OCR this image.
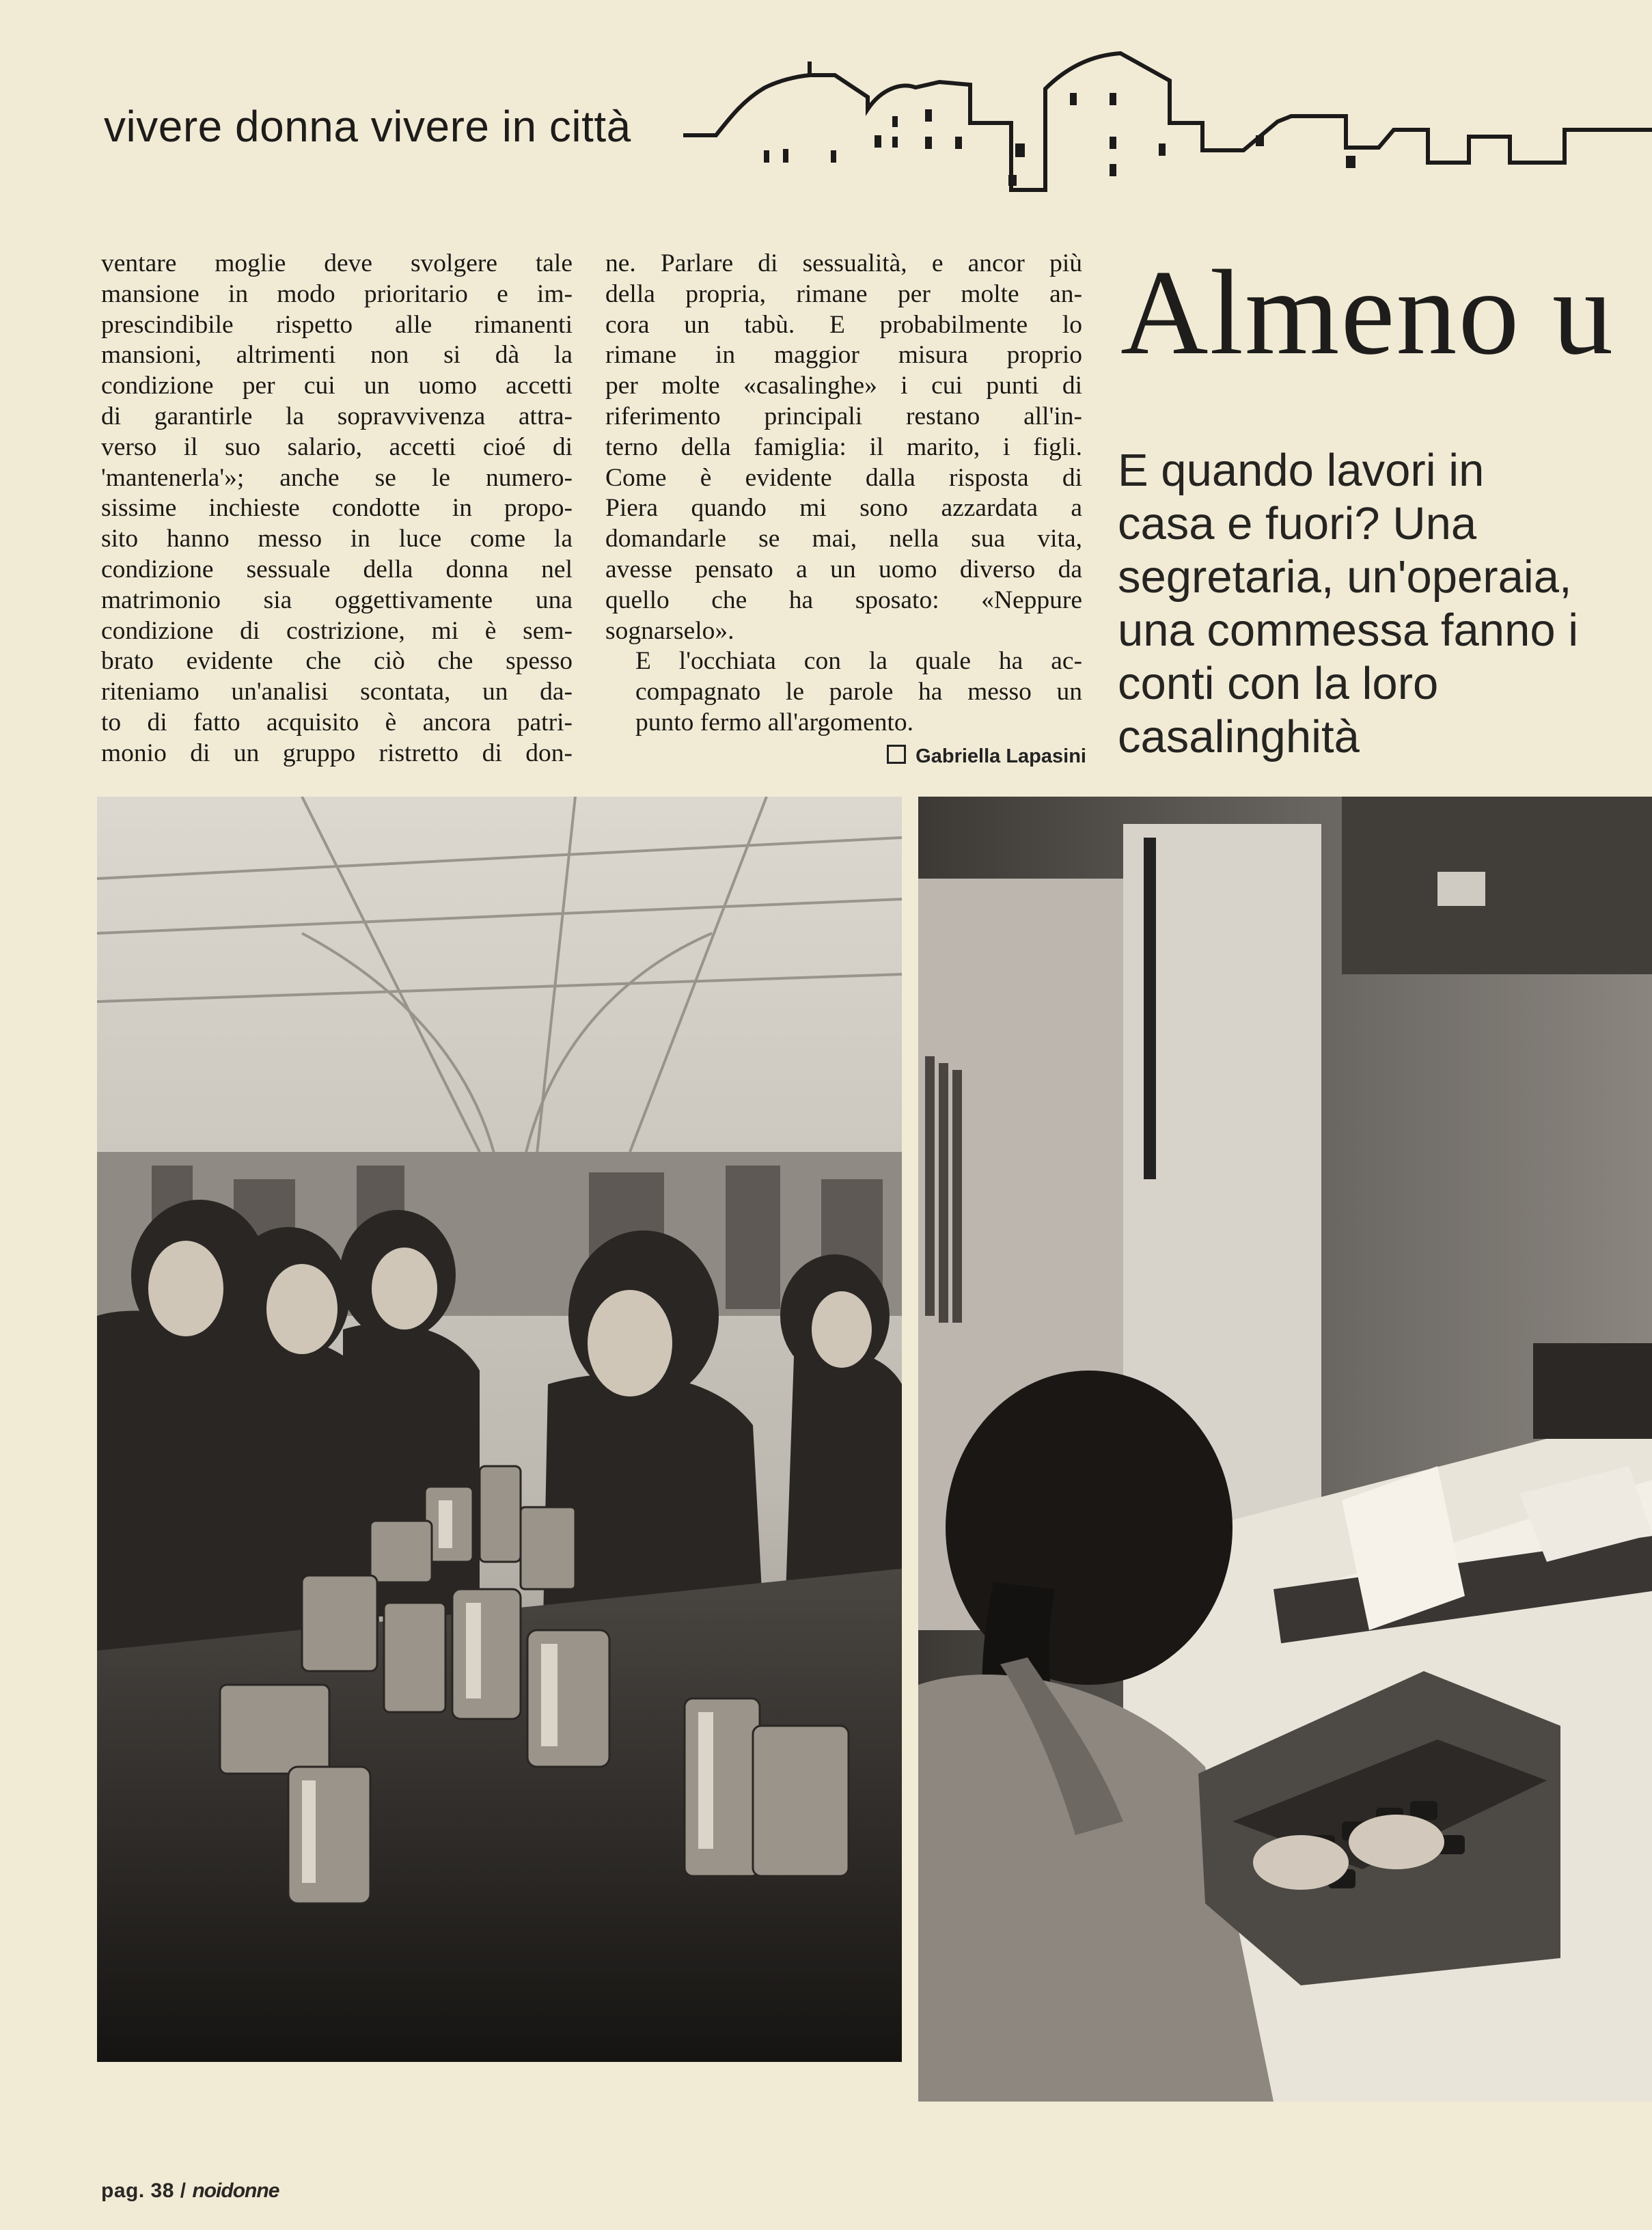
vivere donna vivere in città

ventare moglie deve svolgere tale
mansione in modo prioritario e im-
prescindibile rispetto alle rimanenti
mansioni, altrimenti non si dà la
condizione per cui un uomo accetti
di garantirle la sopravvivenza attra-
verso il suo salario, accetti cioé di
'mantenerla'»; anche se le numero-
sissime inchieste condotte in propo-
sito hanno messo in luce come la
condizione sessuale della donna nel
matrimonio sia oggettivamente una
condizione di costrizione, mi è sem-
brato evidente che ciò che spesso
riteniamo un'analisi scontata, un da-
to di fatto acquisito è ancora patri-
monio di un gruppo ristretto di don-

ne. Parlare di sessualità, e ancor più
della propria, rimane per molte an-
cora un tabù. E probabilmente lo
rimane in maggior misura proprio
per molte «casalinghe» i cui punti di
riferimento principali restano all'in-
terno della famiglia: il marito, i figli.
Come è evidente dalla risposta di
Piera quando mi sono azzardata a
domandarle se mai, nella sua vita,
avesse pensato a un uomo diverso da
quello che ha sposato: «Neppure
sognarselo».

E l'occhiata con la quale ha ac-
compagnato le parole ha messo un
punto fermo all'argomento.

Gabriella Lapasini
Almeno u
E quando lavori in
casa e fuori? Una
segretaria, un'operaia,
una commessa fanno i
conti con la loro
casalinghità
pag. 38 / noidonne
